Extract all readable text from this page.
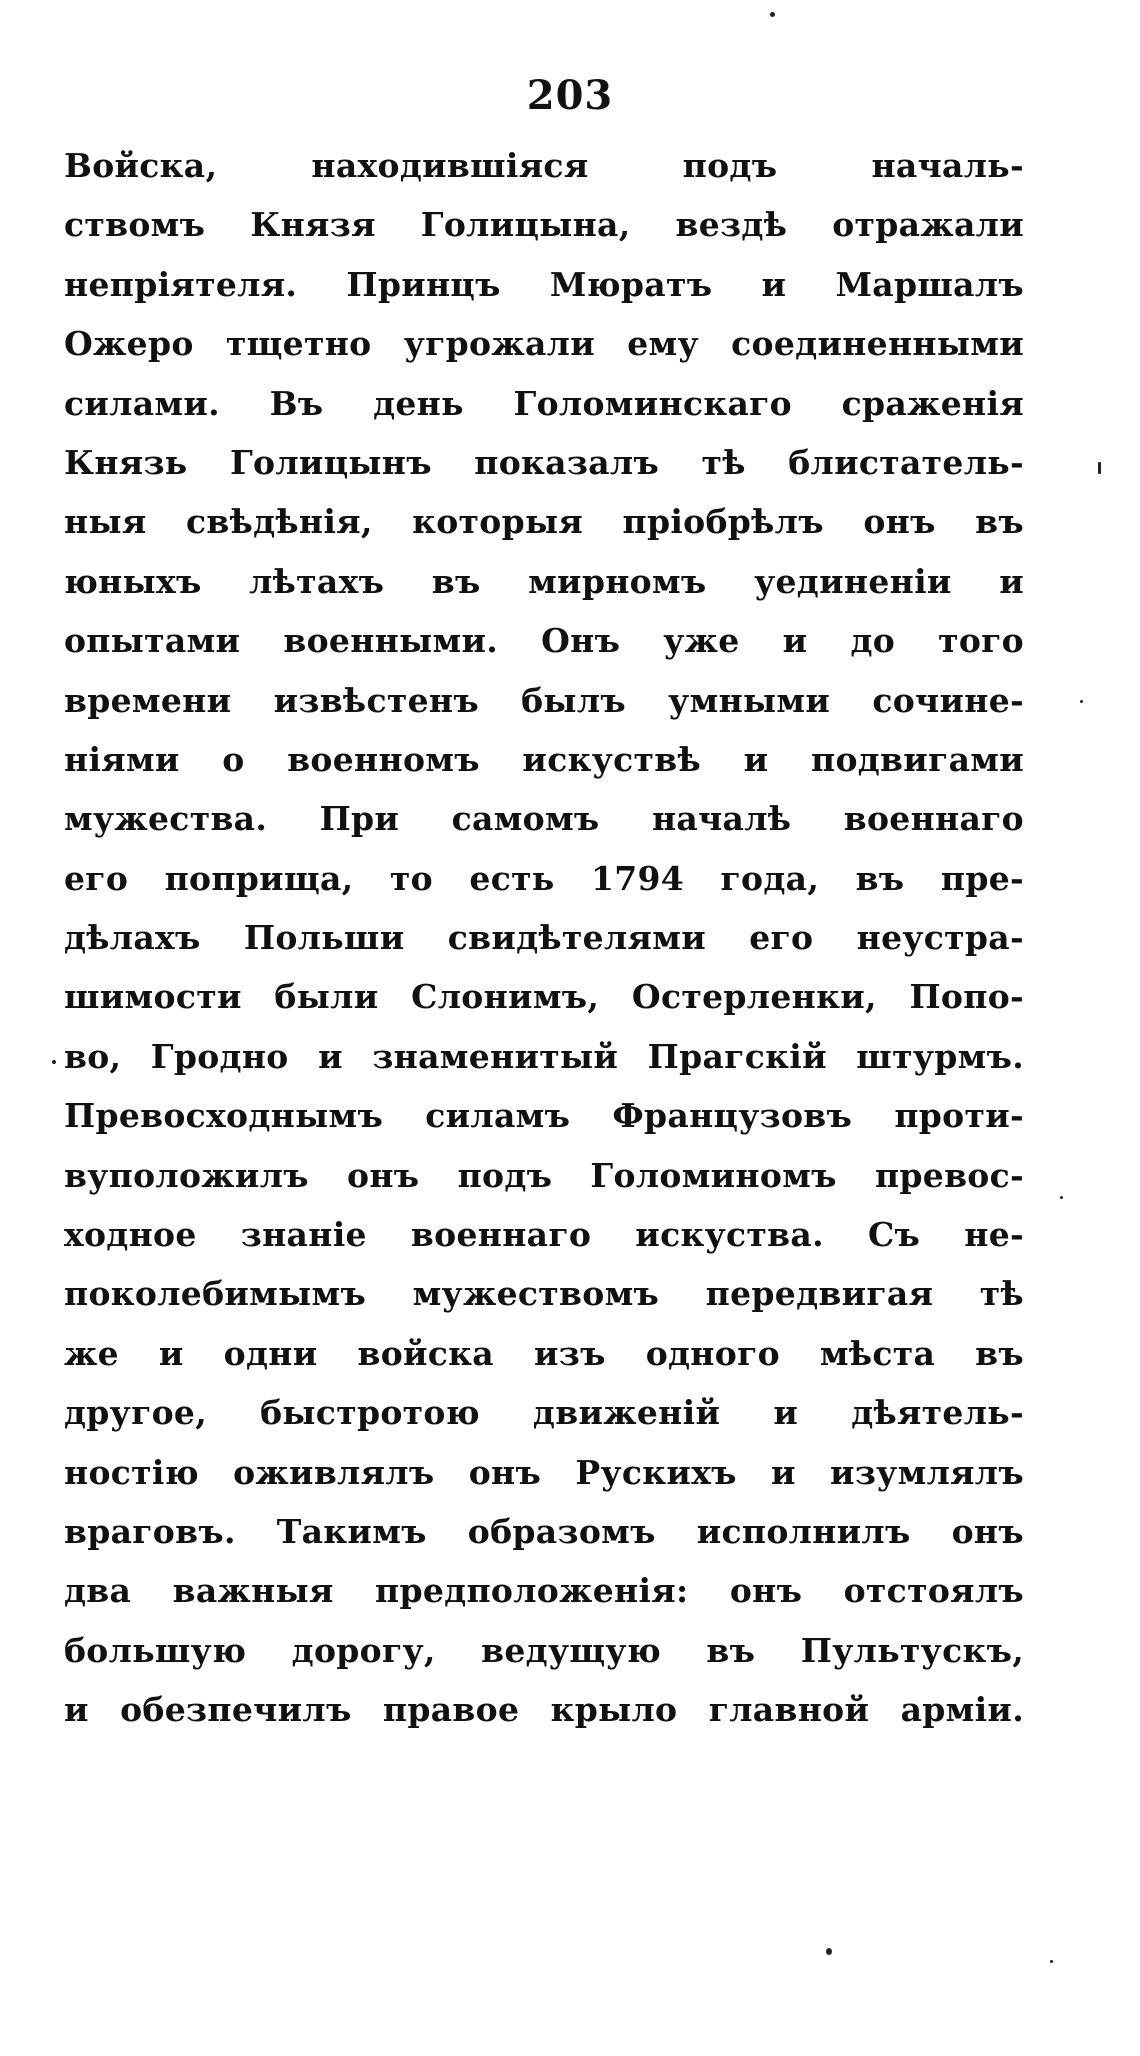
203
Войска, находившіяся подъ началь-
ствомъ Князя Голицына, вездѣ отражали
непріятеля. Принцъ Мюратъ и Маршалъ
Ожеро тщетно угрожали ему соединенными
силами. Въ день Голоминскаго сраженія
Князь Голицынъ показалъ тѣ блистатель-
ныя свѣдѣнія, которыя пріобрѣлъ онъ въ
юныхъ лѣтахъ въ мирномъ уединеніи и
опытами военными. Онъ уже и до того
времени извѣстенъ былъ умными сочине-
ніями о военномъ искуствѣ и подвигами
мужества. При самомъ началѣ военнаго
его поприща, то есть 1794 года, въ пре-
дѣлахъ Польши свидѣтелями его неустра-
шимости были Слонимъ, Остерленки, Попо-
во, Гродно и знаменитый Прагскій штурмъ.
Превосходнымъ силамъ Французовъ проти-
вуположилъ онъ подъ Голоминомъ превос-
ходное знаніе военнаго искуства. Съ не-
поколебимымъ мужествомъ передвигая тѣ
же и одни войска изъ одного мѣста въ
другое, быстротою движеній и дѣятель-
ностію оживлялъ онъ Рускихъ и изумлялъ
враговъ. Такимъ образомъ исполнилъ онъ
два важныя предположенія: онъ отстоялъ
большую дорогу, ведущую въ Пультускъ,
и обезпечилъ правое крыло главной арміи.
